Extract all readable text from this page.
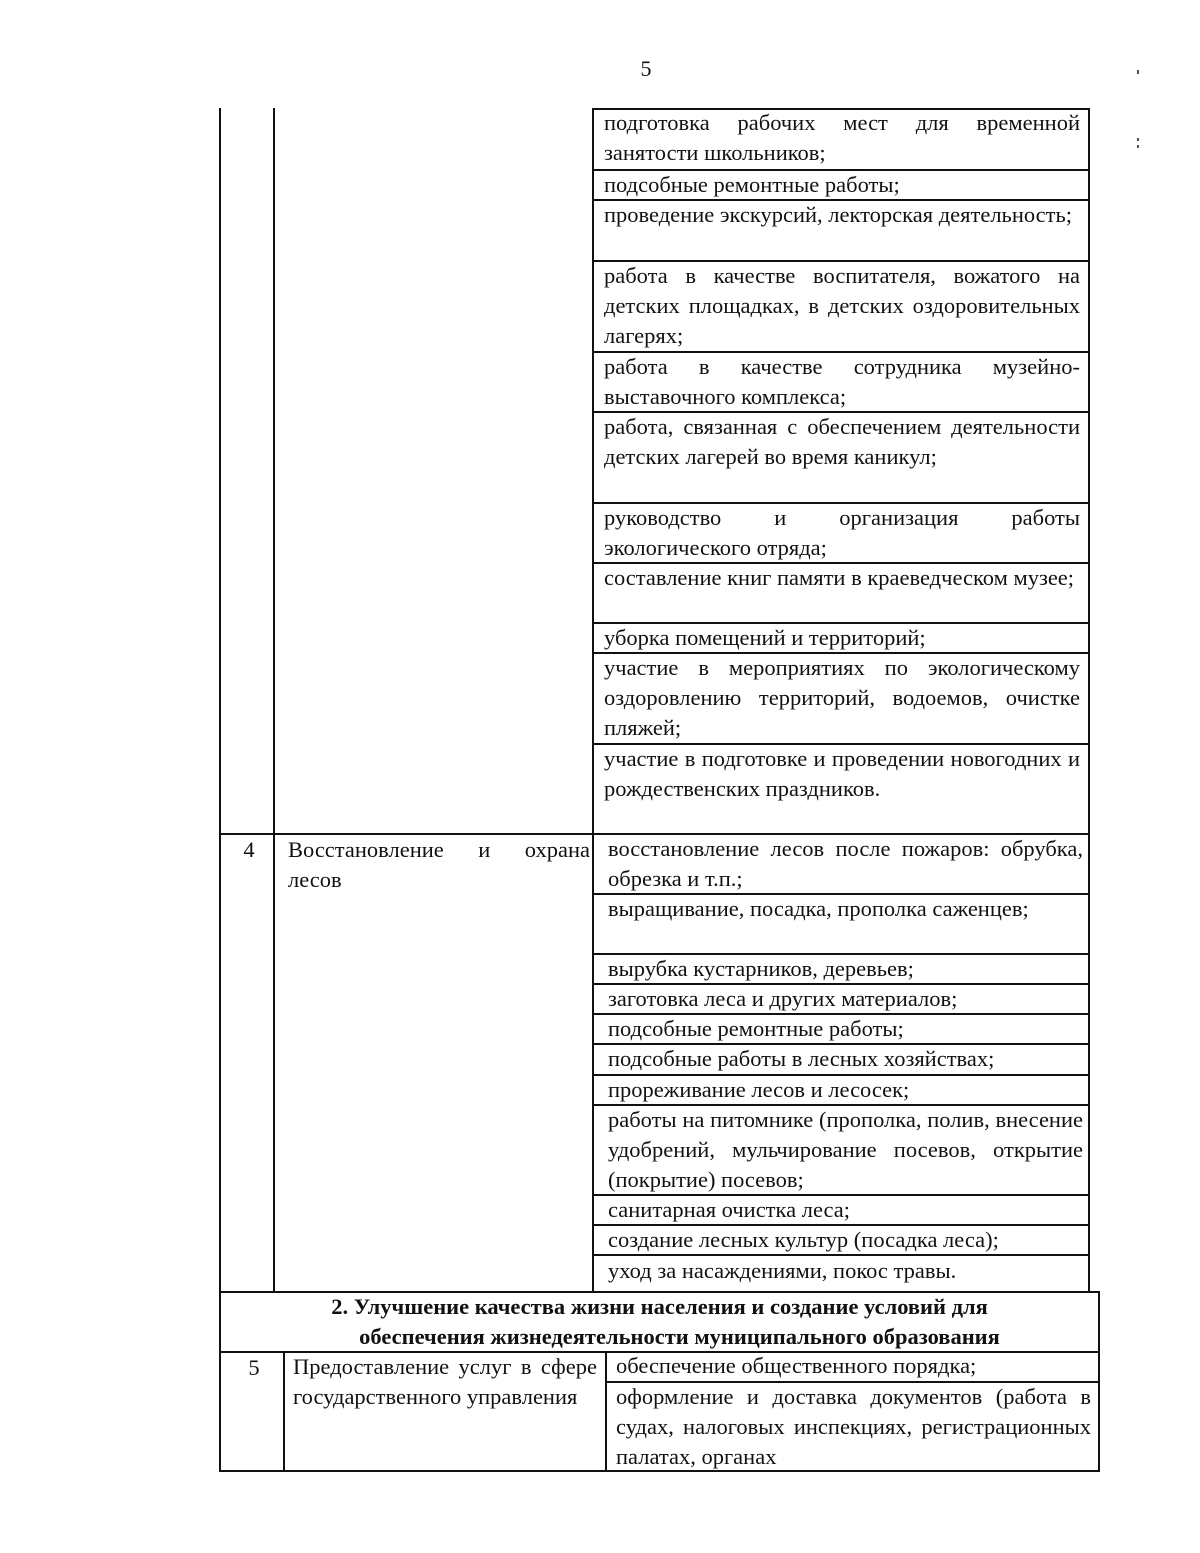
5
подготовка рабочих мест для временной занятости школьников;
подсобные ремонтные работы;
проведение экскурсий, лекторская деятельность;
работа в качестве воспитателя, вожатого на детских площадках, в детских оздоровительных лагерях;
работа в качестве сотрудника музейно-выставочного комплекса;
работа, связанная с обеспечением деятельности детских лагерей во время каникул;
руководство и организация работы экологического отряда;
составление книг памяти в краеведческом музее;
уборка помещений и территорий;
участие в мероприятиях по экологическому оздоровлению территорий, водоемов, очистке пляжей;
участие в подготовке и проведении новогодних и рождественских праздников.
4	Восстановление и охрана лесов
восстановление лесов после пожаров: обрубка, обрезка и т.п.;
выращивание, посадка, прополка саженцев;
вырубка кустарников, деревьев;
заготовка леса и других материалов;
подсобные ремонтные работы;
подсобные работы в лесных хозяйствах;
прореживание лесов и лесосек;
работы на питомнике (прополка, полив, внесение удобрений, мульчирование посевов, открытие (покрытие) посевов;
санитарная очистка леса;
создание лесных культур (посадка леса);
уход за насаждениями, покос травы.
2. Улучшение качества жизни населения и создание условий для
обеспечения жизнедеятельности муниципального образования
5	Предоставление услуг в сфере государственного управления
обеспечение общественного порядка;
оформление и доставка документов (работа в судах, налоговых инспекциях, регистрационных палатах, органах
